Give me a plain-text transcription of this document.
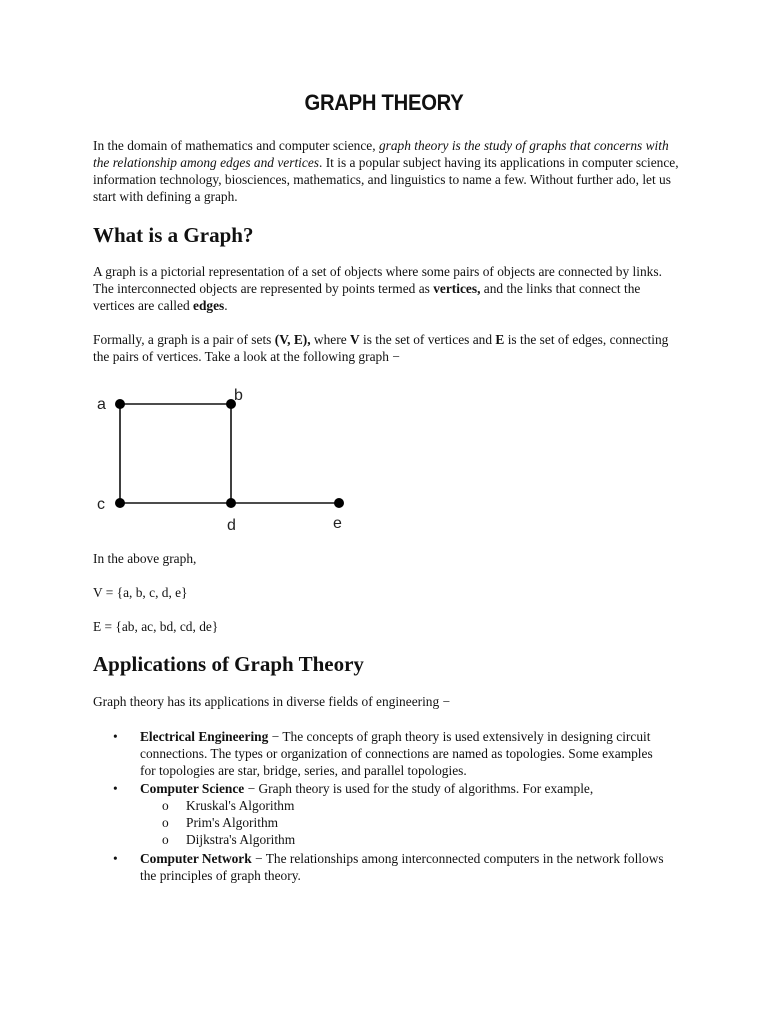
GRAPH THEORY

In the domain of mathematics and computer science, graph theory is the study of graphs that concerns with the relationship among edges and vertices. It is a popular subject having its applications in computer science, information technology, biosciences, mathematics, and linguistics to name a few. Without further ado, let us start with defining a graph.

What is a Graph?

A graph is a pictorial representation of a set of objects where some pairs of objects are connected by links. The interconnected objects are represented by points termed as vertices, and the links that connect the vertices are called edges.

Formally, a graph is a pair of sets (V, E), where V is the set of vertices and E is the set of edges, connecting the pairs of vertices. Take a look at the following graph −

a
b
c
d	e

In the above graph,

V = {a, b, c, d, e}

E = {ab, ac, bd, cd, de}

Applications of Graph Theory

Graph theory has its applications in diverse fields of engineering −

• Electrical Engineering − The concepts of graph theory is used extensively in designing circuit connections. The types or organization of connections are named as topologies. Some examples for topologies are star, bridge, series, and parallel topologies.
• Computer Science − Graph theory is used for the study of algorithms. For example,
o Kruskal's Algorithm
o Prim's Algorithm
o Dijkstra's Algorithm
• Computer Network − The relationships among interconnected computers in the network follows the principles of graph theory.
